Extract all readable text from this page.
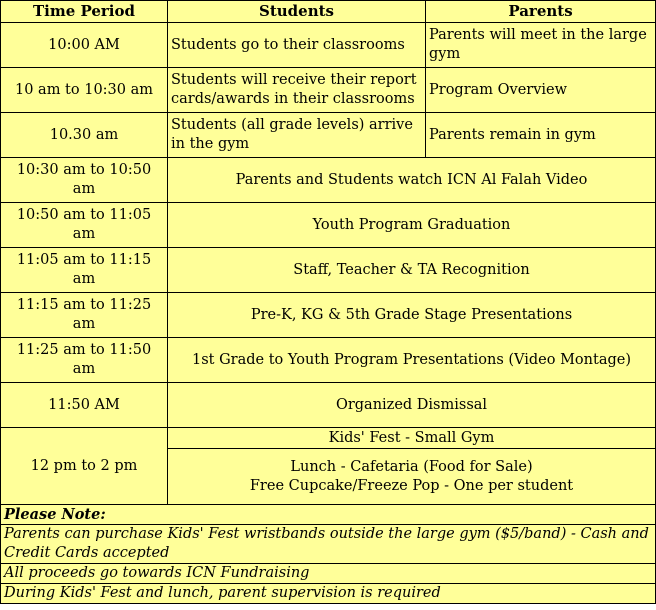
Time Period	Students	Parents
10:00 AM	Students go to their classrooms	Parents will meet in the large gym
10 am to 10:30 am	Students will receive their report cards/awards in their classrooms	Program Overview
10.30 am	Students (all grade levels) arrive in the gym	Parents remain in gym
10:30 am to 10:50 am	Parents and Students watch ICN Al Falah Video	
10:50 am to 11:05 am	Youth Program Graduation	
11:05 am to 11:15 am	Staff, Teacher & TA Recognition	
11:15 am to 11:25 am	Pre-K, KG & 5th Grade Stage Presentations	
11:25 am to 11:50 am	1st Grade to Youth Program Presentations (Video Montage)	
11:50 AM	Organized Dismissal	
12 pm to 2 pm	Kids' Fest - Small Gym	

	Lunch - Cafetaria (Food for Sale)
Free Cupcake/Freeze Pop - One per student	

Please Note:		
Parents can purchase Kids' Fest wristbands outside the large gym ($5/band) - Cash and Credit Cards accepted		
All proceeds go towards ICN Fundraising		
During Kids' Fest and lunch, parent supervision is required		
